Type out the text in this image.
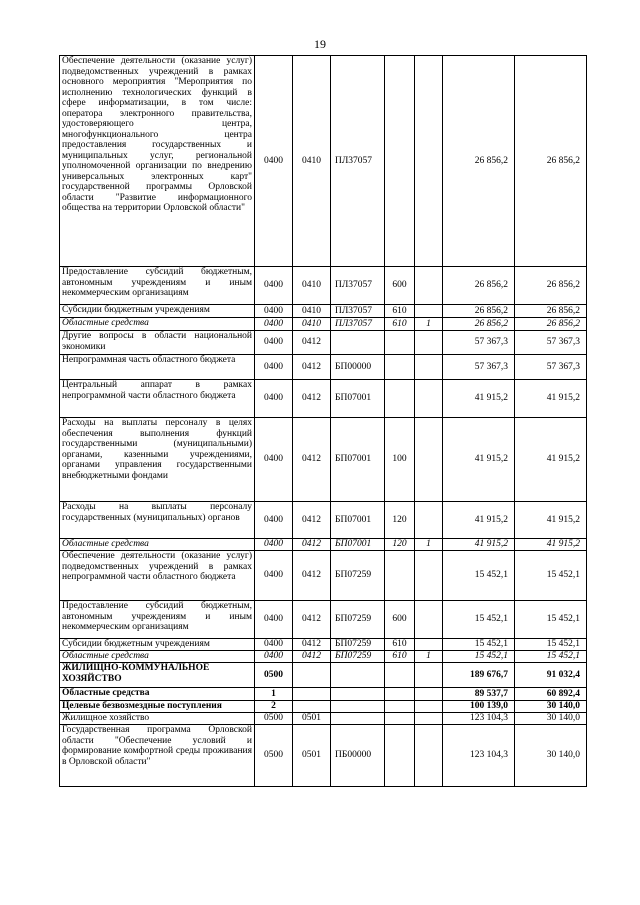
19
Обеспечение деятельности (оказание услуг) подведомственных учреждений в рамках основного мероприятия "Мероприятия по исполнению технологических функций в сфере информатизации, в том числе: оператора электронного правительства, удостоверяющего центра, многофункционального центра предоставления государственных и муниципальных услуг, региональной уполномоченной организации по внедрению универсальных электронных карт" государственной программы Орловской области "Развитие информационного общества на территории Орловской области"	0400	0410	ПЛ37057			26 856,2	26 856,2
Предоставление субсидий бюджетным, автономным учреждениям и иным некоммерческим организациям	0400	0410	ПЛ37057	600		26 856,2	26 856,2
Субсидии бюджетным учреждениям	0400	0410	ПЛ37057	610		26 856,2	26 856,2
Областные средства	0400	0410	ПЛ37057	610	1	26 856,2	26 856,2
Другие вопросы в области национальной экономики	0400	0412				57 367,3	57 367,3
Непрограммная часть областного бюджета	0400	0412	БП00000			57 367,3	57 367,3
Центральный аппарат в рамках непрограммной части областного бюджета	0400	0412	БП07001			41 915,2	41 915,2
Расходы на выплаты персоналу в целях обеспечения выполнения функций государственными (муниципальными) органами, казенными учреждениями, органами управления государственными внебюджетными фондами	0400	0412	БП07001	100		41 915,2	41 915,2
Расходы на выплаты персоналу государственных (муниципальных) органов	0400	0412	БП07001	120		41 915,2	41 915,2
Областные средства	0400	0412	БП07001	120	1	41 915,2	41 915,2
Обеспечение деятельности (оказание услуг) подведомственных учреждений в рамках непрограммной части областного бюджета	0400	0412	БП07259			15 452,1	15 452,1
Предоставление субсидий бюджетным, автономным учреждениям и иным некоммерческим организациям	0400	0412	БП07259	600		15 452,1	15 452,1
Субсидии бюджетным учреждениям	0400	0412	БП07259	610		15 452,1	15 452,1
Областные средства	0400	0412	БП07259	610	1	15 452,1	15 452,1
ЖИЛИЩНО-КОММУНАЛЬНОЕ ХОЗЯЙСТВО	0500					189 676,7	91 032,4
Областные средства	1					89 537,7	60 892,4
Целевые безвозмездные поступления	2					100 139,0	30 140,0
Жилищное хозяйство	0500	0501				123 104,3	30 140,0
Государственная программа Орловской области "Обеспечение условий и формирование комфортной среды проживания в Орловской области"	0500	0501	ПБ00000			123 104,3	30 140,0
